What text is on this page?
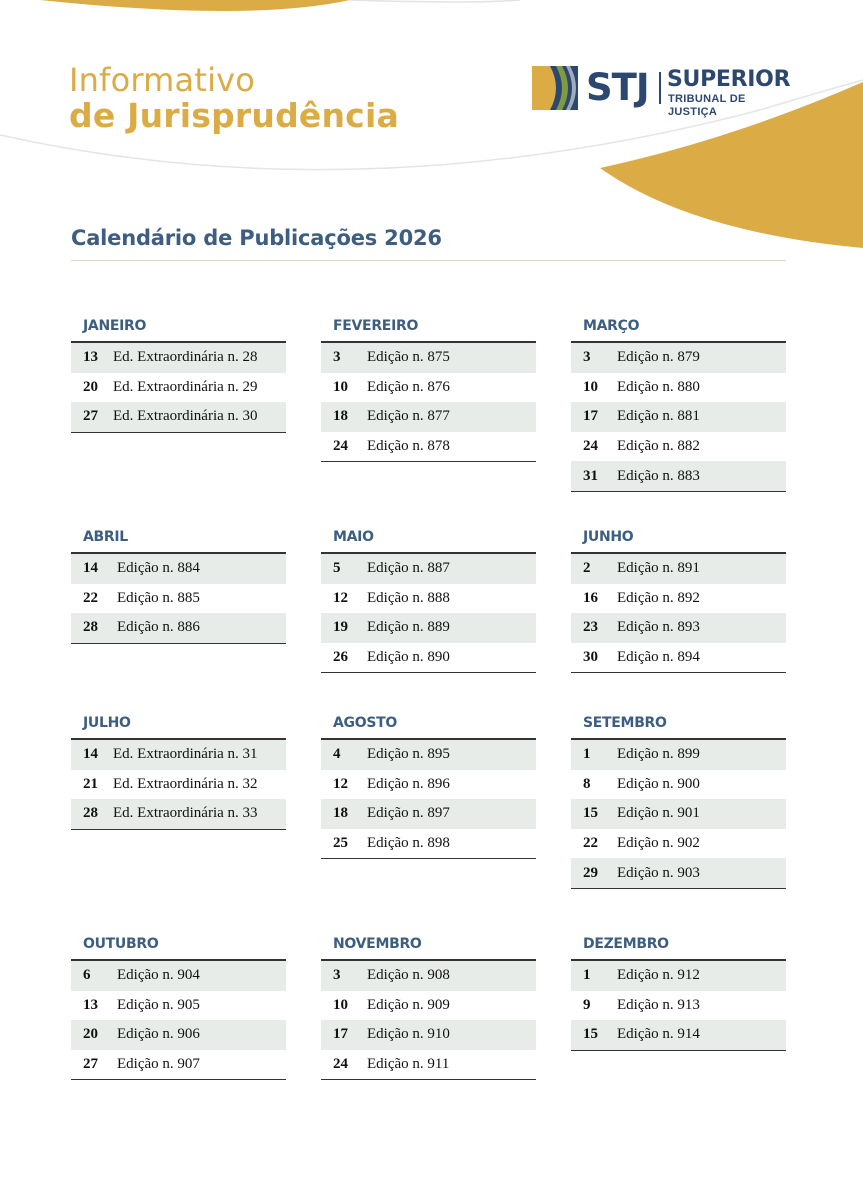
Informativo
de Jurisprudência
STJ SUPERIOR
TRIBUNAL DE JUSTIÇA
Calendário de Publicações 2026
JANEIRO
13	Ed. Extraordinária n. 28
20	Ed. Extraordinária n. 29
27	Ed. Extraordinária n. 30
FEVEREIRO
3	Edição n. 875
10	Edição n. 876
18	Edição n. 877
24	Edição n. 878
MARÇO
3	Edição n. 879
10	Edição n. 880
17	Edição n. 881
24	Edição n. 882
31	Edição n. 883
ABRIL
14	Edição n. 884
22	Edição n. 885
28	Edição n. 886
MAIO
5	Edição n. 887
12	Edição n. 888
19	Edição n. 889
26	Edição n. 890
JUNHO
2	Edição n. 891
16	Edição n. 892
23	Edição n. 893
30	Edição n. 894
JULHO
14	Ed. Extraordinária n. 31
21	Ed. Extraordinária n. 32
28	Ed. Extraordinária n. 33
AGOSTO
4	Edição n. 895
12	Edição n. 896
18	Edição n. 897
25	Edição n. 898
SETEMBRO
1	Edição n. 899
8	Edição n. 900
15	Edição n. 901
22	Edição n. 902
29	Edição n. 903
OUTUBRO
6	Edição n. 904
13	Edição n. 905
20	Edição n. 906
27	Edição n. 907
NOVEMBRO
3	Edição n. 908
10	Edição n. 909
17	Edição n. 910
24	Edição n. 911
DEZEMBRO
1	Edição n. 912
9	Edição n. 913
15	Edição n. 914
